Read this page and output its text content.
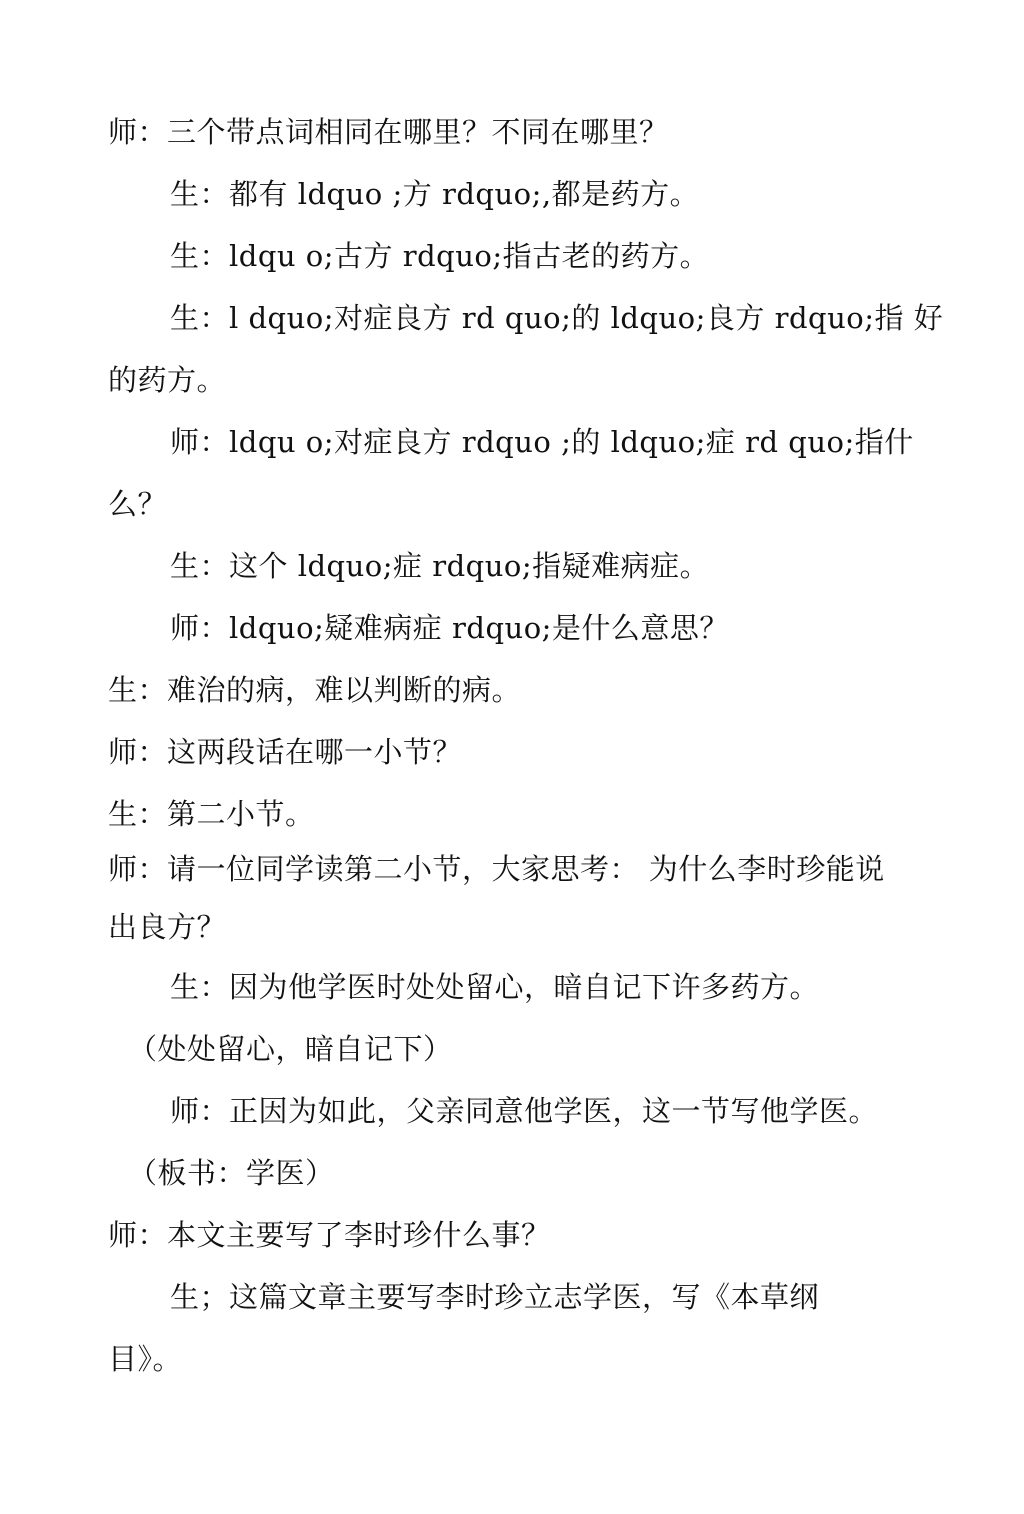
师：三个带点词相同在哪里？不同在哪里？
生：都有 ldquo ;方 rdquo;,都是药方。
生：ldqu o;古方 rdquo;指古老的药方。
生：l dquo;对症良方 rd quo;的 ldquo;良方 rdquo;指 好
的药方。
师：ldqu o;对症良方 rdquo ;的 ldquo;症 rd quo;指什
么？
生：这个 ldquo;症 rdquo;指疑难病症。
师：ldquo;疑难病症 rdquo;是什么意思？
生：难治的病，难以判断的病。
师：这两段话在哪一小节？
生：第二小节。
师：请一位同学读第二小节，大家思考： 为什么李时珍能说
出良方？
生：因为他学医时处处留心，暗自记下许多药方。
（处处留心，暗自记下）
师：正因为如此，父亲同意他学医，这一节写他学医。
（板书：学医）
师：本文主要写了李时珍什么事？
生；这篇文章主要写李时珍立志学医，写《本草纲
目》。
